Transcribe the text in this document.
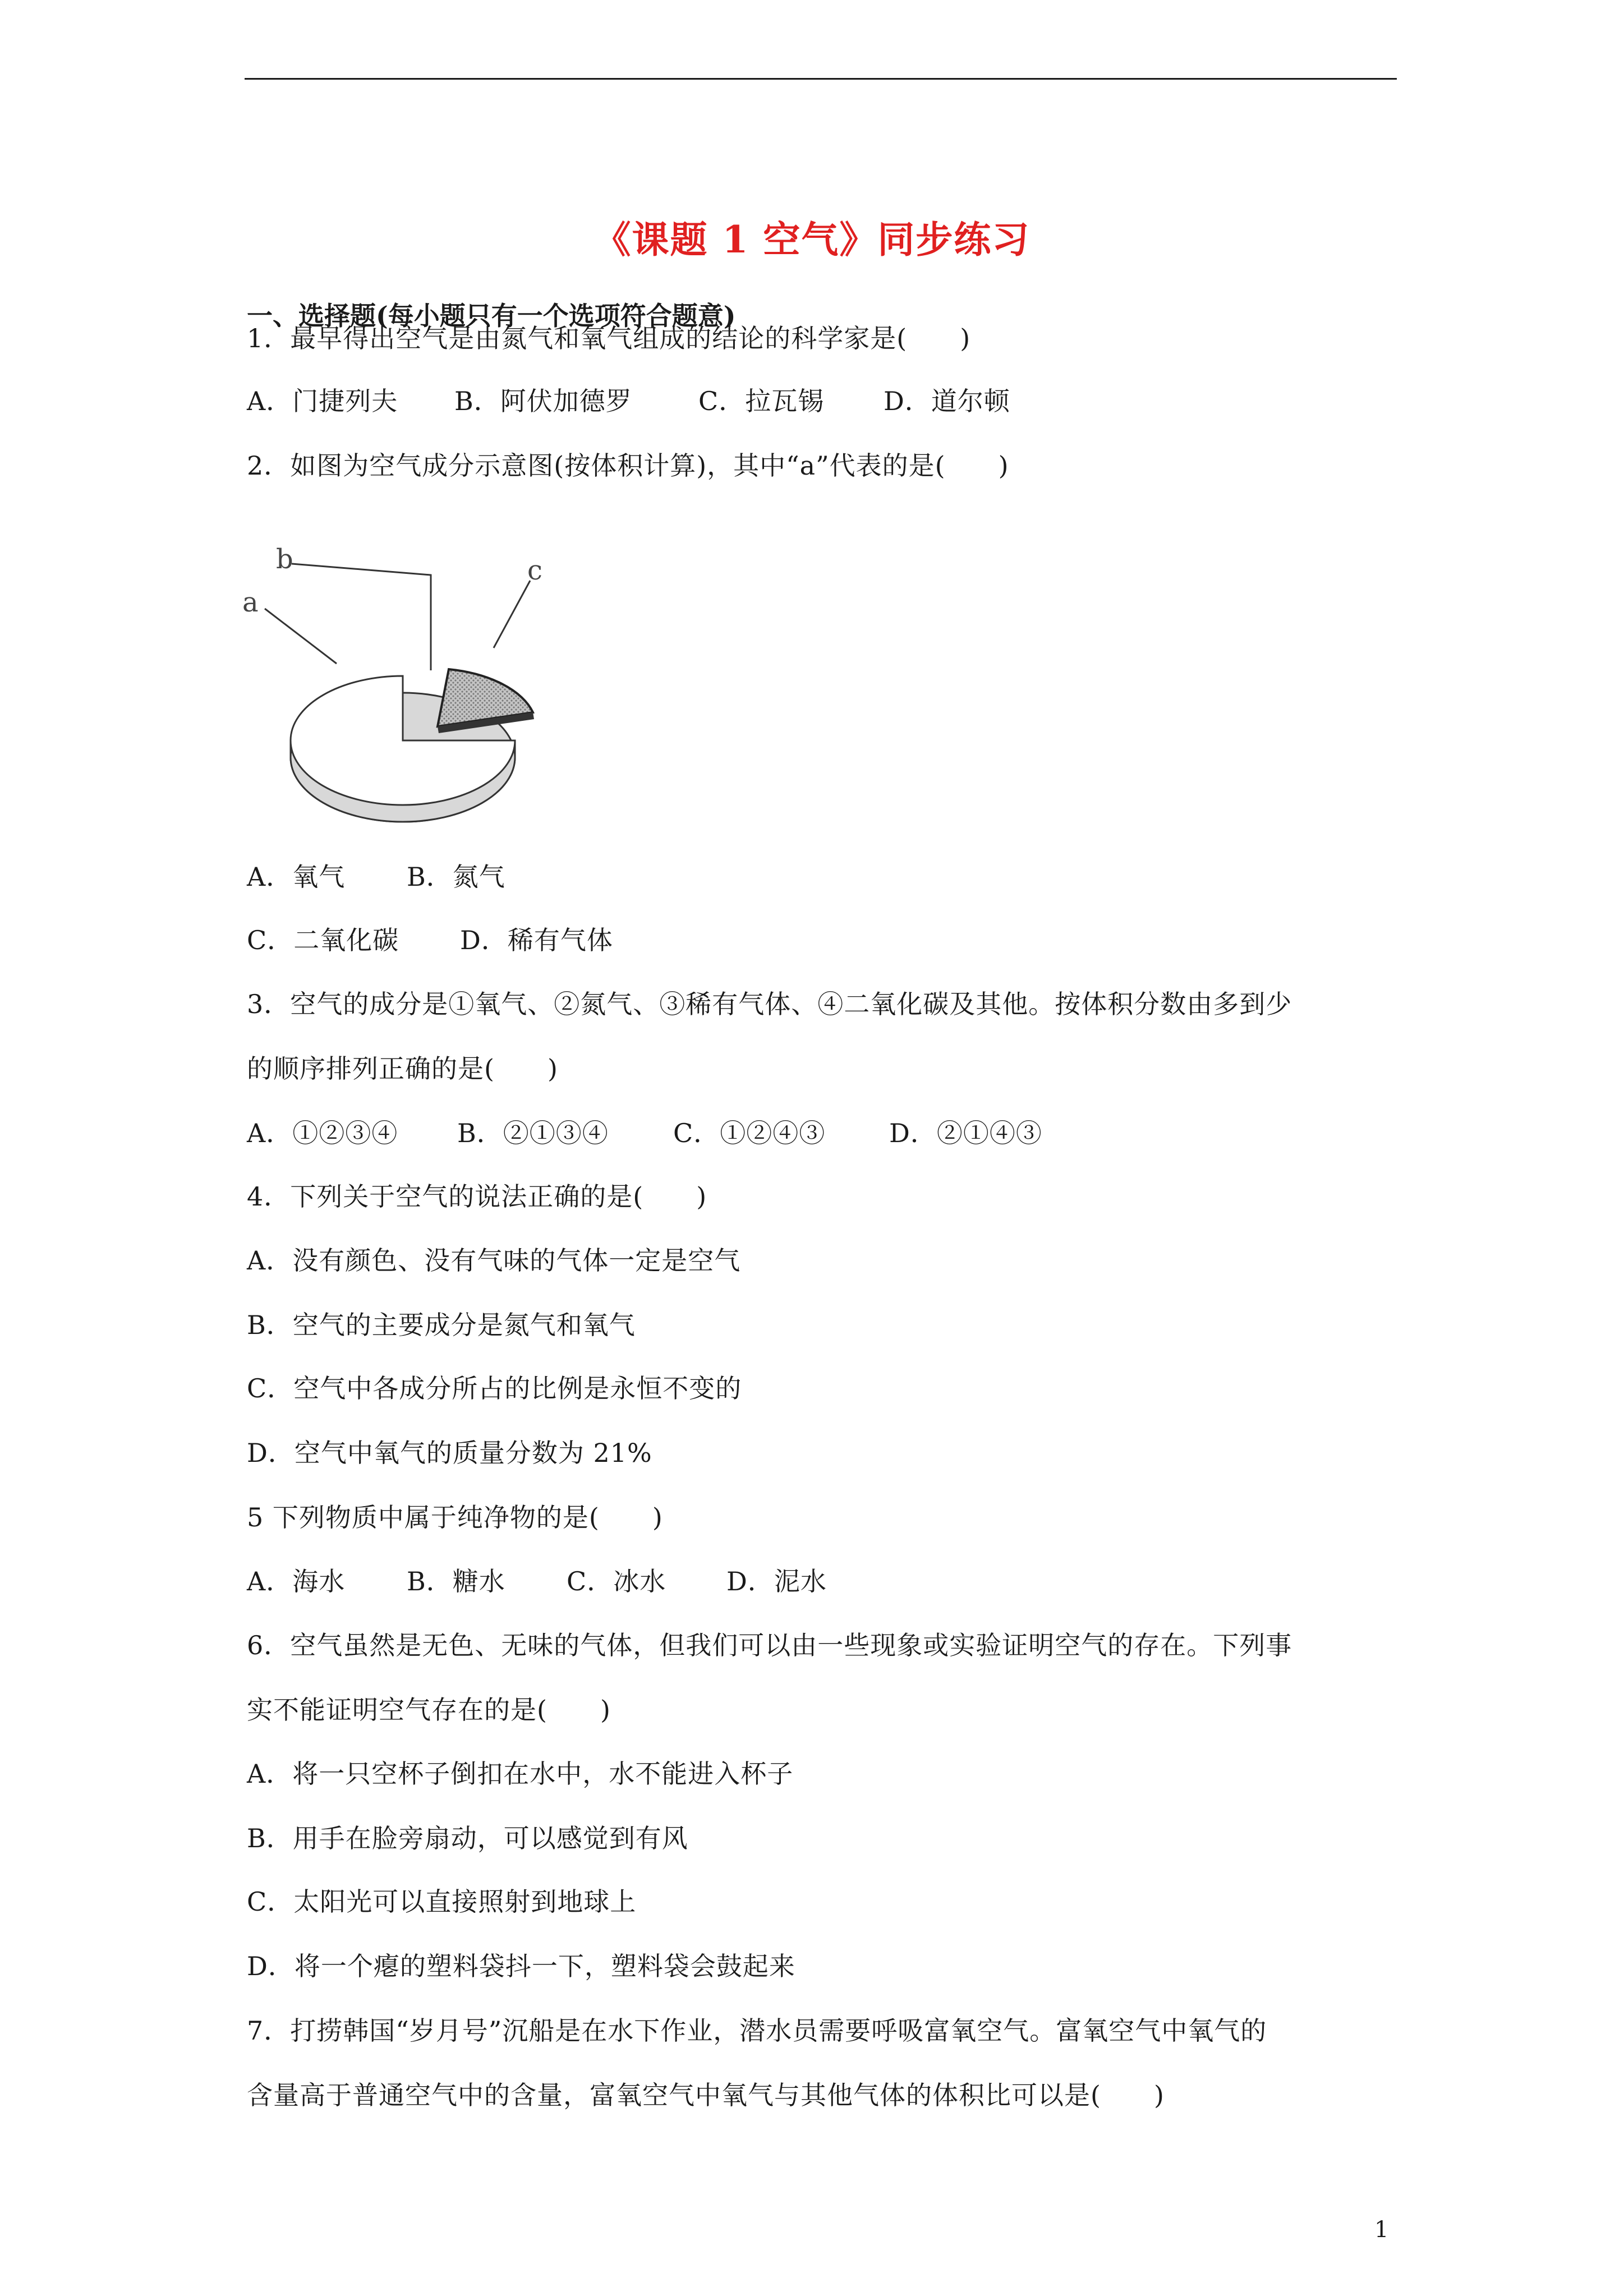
《课题 1 空气》同步练习
一、选择题(每小题只有一个选项符合题意)
1．最早得出空气是由氮气和氧气组成的结论的科学家是(　　)
A．门捷列夫 B．阿伏加德罗	C．拉瓦锡 D．道尔顿
2．如图为空气成分示意图(按体积计算)，其中“a”代表的是(　　)
a
b	c
A．氧气 B．氮气
C．二氧化碳 D．稀有气体
3．空气的成分是①氧气、②氮气、③稀有气体、④二氧化碳及其他。按体积分数由多到少
的顺序排列正确的是(　　)
A．①②③④ B．②①③④	C．①②④③ D．②①④③
4．下列关于空气的说法正确的是(　　)
A．没有颜色、没有气味的气体一定是空气
B．空气的主要成分是氮气和氧气
C．空气中各成分所占的比例是永恒不变的
D．空气中氧气的质量分数为 21%
5 下列物质中属于纯净物的是(　　)
A．海水 B．糖水 C．冰水 D．泥水
6．空气虽然是无色、无味的气体，但我们可以由一些现象或实验证明空气的存在。下列事
实不能证明空气存在的是(　　)
A．将一只空杯子倒扣在水中，水不能进入杯子
B．用手在脸旁扇动，可以感觉到有风
C．太阳光可以直接照射到地球上
D．将一个瘪的塑料袋抖一下，塑料袋会鼓起来
7．打捞韩国“岁月号”沉船是在水下作业，潜水员需要呼吸富氧空气。富氧空气中氧气的
含量高于普通空气中的含量，富氧空气中氧气与其他气体的体积比可以是(　　)
1
